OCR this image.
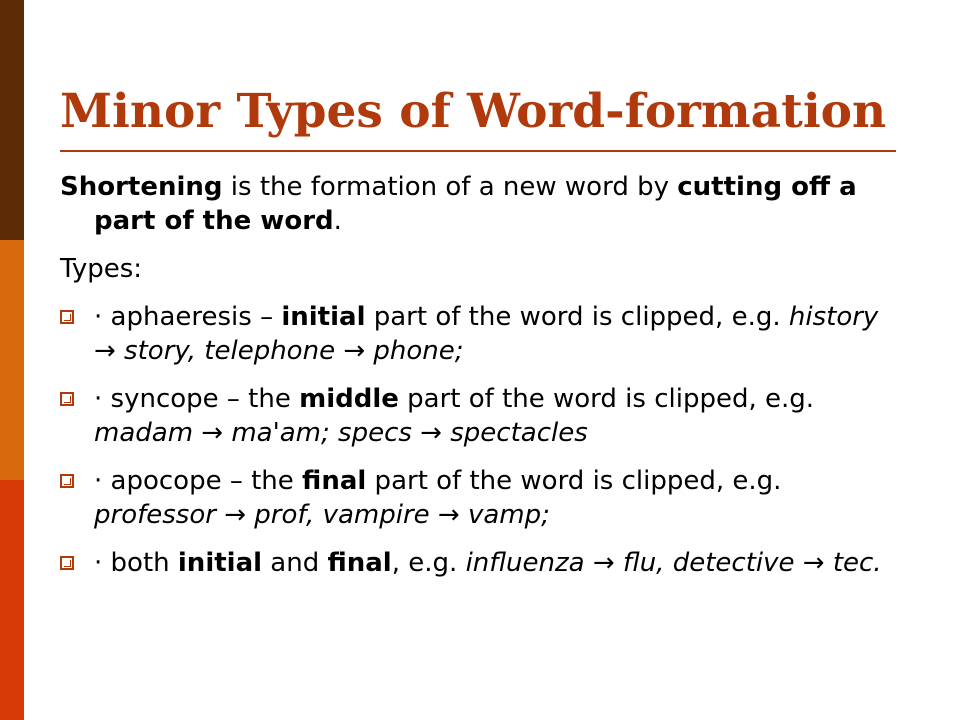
Minor Types of Word-formation

Shortening is the formation of a new word by cutting off a part of the word.

Types:

· aphaeresis – initial part of the word is clipped, e.g. history → story, telephone → phone;
· syncope – the middle part of the word is clipped, e.g. madam → ma'am; specs → spectacles
· apocope – the final part of the word is clipped, e.g. professor → prof, vampire → vamp;
· both initial and final, e.g. influenza → flu, detective → tec.
